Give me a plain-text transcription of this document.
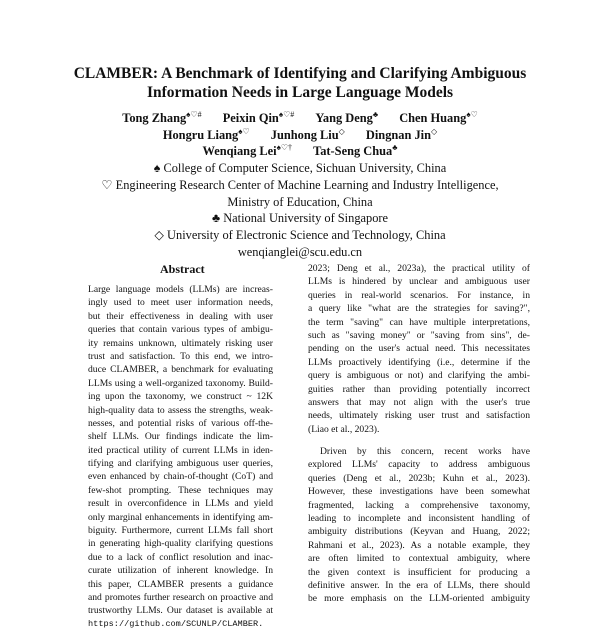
CLAMBER: A Benchmark of Identifying and Clarifying Ambiguous
Information Needs in Large Language Models
Tong Zhang♠♡# Peixin Qin♠♡# Yang Deng♣ Chen Huang♠♡
Hongru Liang♠♡ Junhong Liu◇ Dingnan Jin◇
Wenqiang Lei♠♡† Tat-Seng Chua♣
♠ College of Computer Science, Sichuan University, China
♡ Engineering Research Center of Machine Learning and Industry Intelligence,
Ministry of Education, China
♣ National University of Singapore
◇ University of Electronic Science and Technology, China
wenqianglei@scu.edu.cn
Abstract
Large language models (LLMs) are increas-
ingly used to meet user information needs,
but their effectiveness in dealing with user
queries that contain various types of ambigu-
ity remains unknown, ultimately risking user
trust and satisfaction. To this end, we intro-
duce CLAMBER, a benchmark for evaluating
LLMs using a well-organized taxonomy. Build-
ing upon the taxonomy, we construct ~ 12K
high-quality data to assess the strengths, weak-
nesses, and potential risks of various off-the-
shelf LLMs. Our findings indicate the lim-
ited practical utility of current LLMs in iden-
tifying and clarifying ambiguous user queries,
even enhanced by chain-of-thought (CoT) and
few-shot prompting. These techniques may
result in overconfidence in LLMs and yield
only marginal enhancements in identifying am-
biguity. Furthermore, current LLMs fall short
in generating high-quality clarifying questions
due to a lack of conflict resolution and inac-
curate utilization of inherent knowledge. In
this paper, CLAMBER presents a guidance
and promotes further research on proactive and
trustworthy LLMs. Our dataset is available at
https://github.com/SCUNLP/CLAMBER.
2023; Deng et al., 2023a), the practical utility of
LLMs is hindered by unclear and ambiguous user
queries in real-world scenarios. For instance, in
a query like "what are the strategies for saving?",
the term "saving" can have multiple interpretations,
such as "saving money" or "saving from sins", de-
pending on the user's actual need. This necessitates
LLMs proactively identifying (i.e., determine if the
query is ambiguous or not) and clarifying the ambi-
guities rather than providing potentially incorrect
answers that may not align with the user's true
needs, ultimately risking user trust and satisfaction
(Liao et al., 2023).
Driven by this concern, recent works have
explored LLMs' capacity to address ambiguous
queries (Deng et al., 2023b; Kuhn et al., 2023).
However, these investigations have been somewhat
fragmented, lacking a comprehensive taxonomy,
leading to incomplete and inconsistent handling of
ambiguity distributions (Keyvan and Huang, 2022;
Rahmani et al., 2023). As a notable example, they
are often limited to contextual ambiguity, where
the given context is insufficient for producing a
definitive answer. In the era of LLMs, there should
be more emphasis on the LLM-oriented ambiguity
